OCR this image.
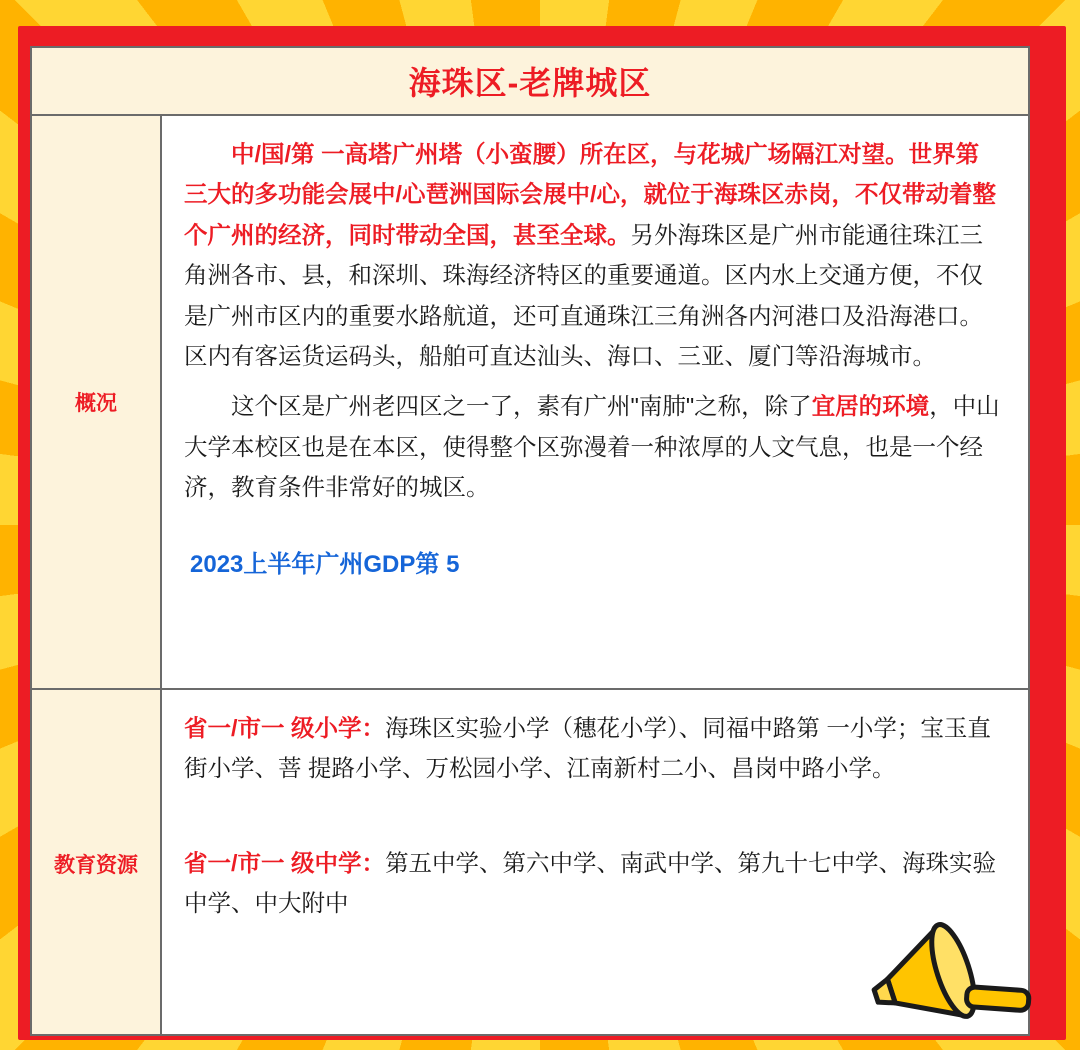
海珠区-老牌城区
概况

中/国/第 一高塔广州塔（小蛮腰）所在区，与花城广场隔江对望。世界第三大的多功能会展中/心琶洲国际会展中/心，就位于海珠区赤岗，不仅带动着整个广州的经济，同时带动全国，甚至全球。另外海珠区是广州市能通往珠江三角洲各市、县，和深圳、珠海经济特区的重要通道。区内水上交通方便，不仅是广州市区内的重要水路航道，还可直通珠江三角洲各内河港口及沿海港口。区内有客运货运码头，船舶可直达汕头、海口、三亚、厦门等沿海城市。

这个区是广州老四区之一了，素有广州"南肺"之称，除了宜居的环境，中山大学本校区也是在本区，使得整个区弥漫着一种浓厚的人文气息，也是一个经济，教育条件非常好的城区。

2023上半年广州GDP第 5

教育资源

省一/市一 级小学：海珠区实验小学（穗花小学）、同福中路第 一小学；宝玉直街小学、菩 提路小学、万松园小学、江南新村二小、昌岗中路小学。

省一/市一 级中学：第五中学、第六中学、南武中学、第九十七中学、海珠实验中学、中大附中
